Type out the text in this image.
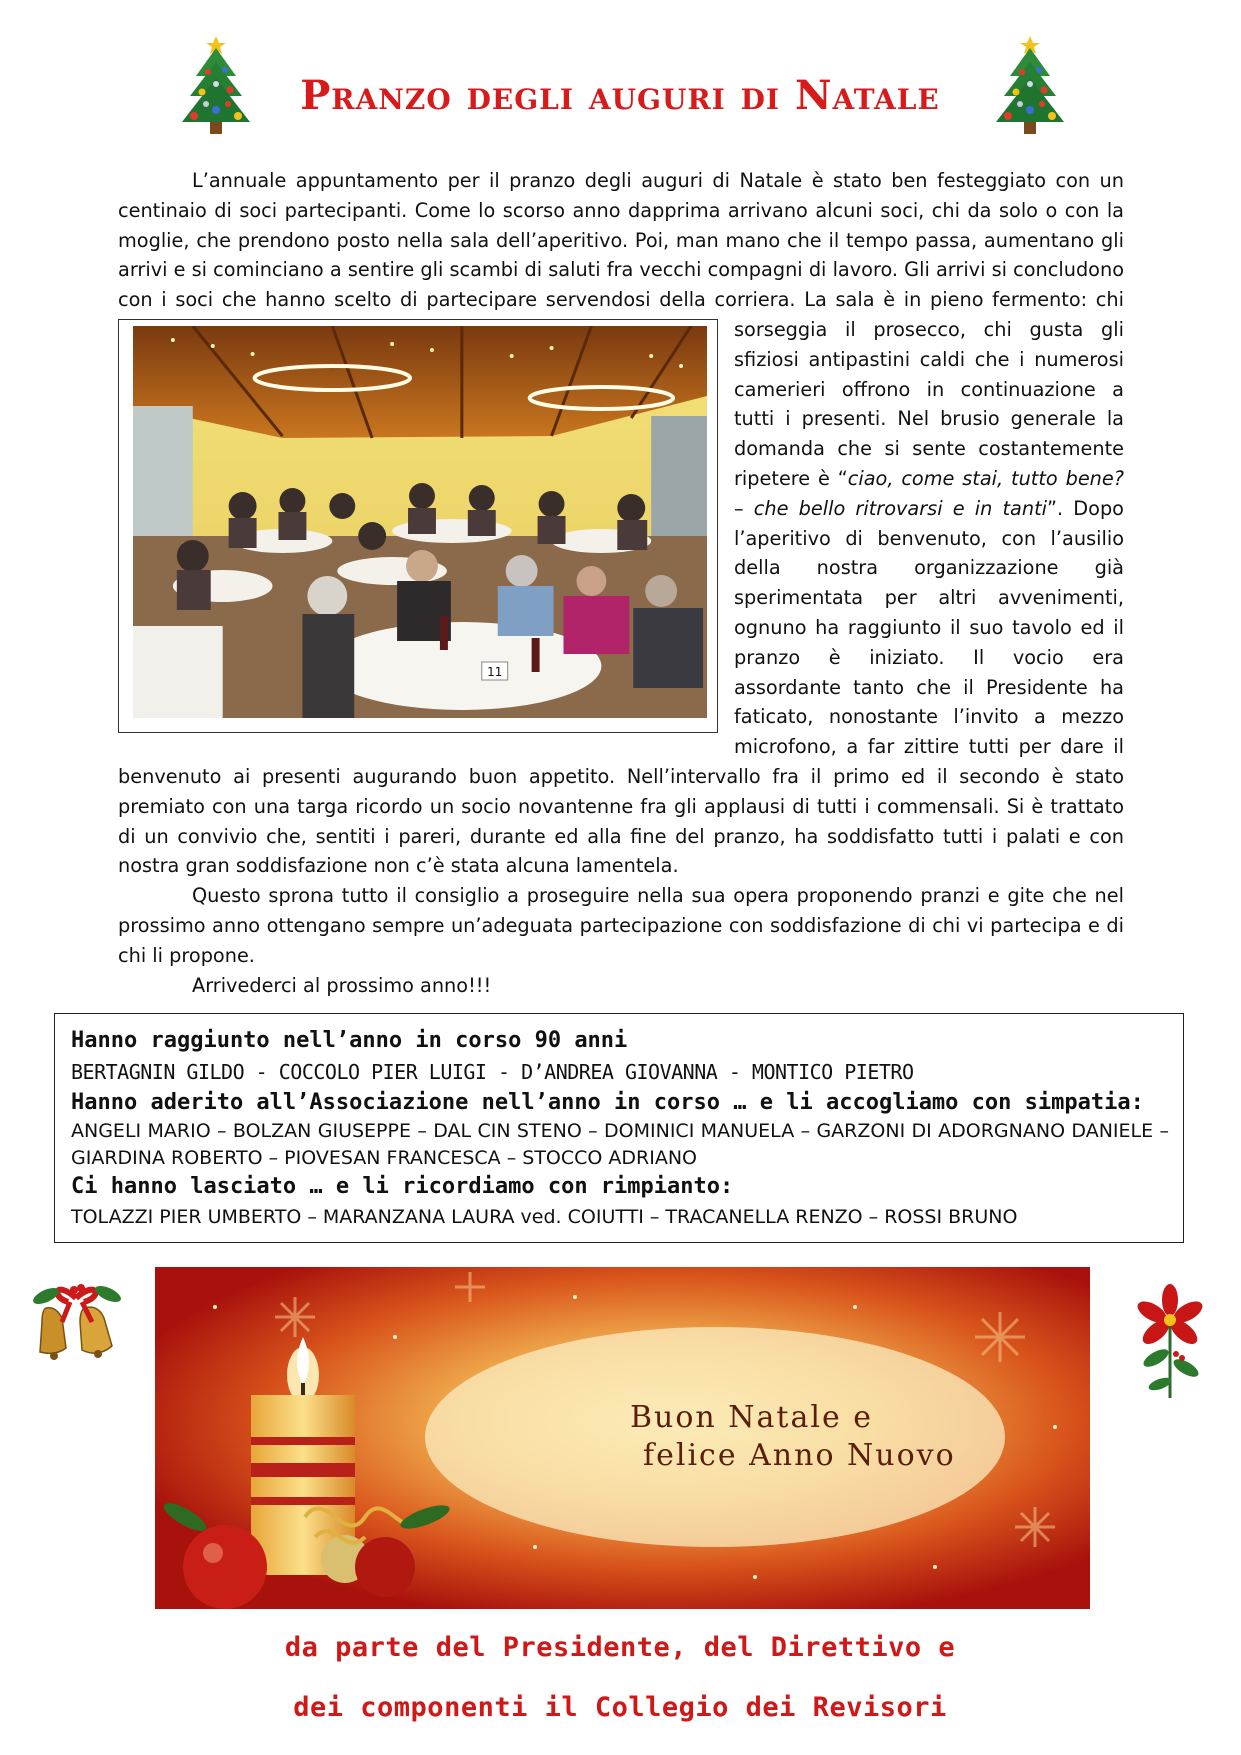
Pranzo degli auguri di Natale

L’annuale appuntamento per il pranzo degli auguri di Natale è stato ben festeggiato con un centinaio di soci partecipanti. Come lo scorso anno dapprima arrivano alcuni soci, chi da solo o con la moglie, che prendono posto nella sala dell’aperitivo. Poi, man mano che il tempo passa, aumentano gli arrivi e si cominciano a sentire gli scambi di saluti fra vecchi compagni di lavoro. Gli arrivi si concludono con i soci che hanno scelto di partecipare servendosi della corriera. La sala è in
11
pieno fermento: chi sorseggia il prosecco, chi gusta gli sfiziosi antipastini caldi che i numerosi camerieri offrono in continuazione a tutti i presenti. Nel brusio generale la domanda che si sente costantemente ripetere è “ciao, come stai, tutto bene? – che bello ritrovarsi e in tanti”. Dopo l’aperitivo di benvenuto, con l’ausilio della nostra organizzazione già sperimentata per altri avvenimenti, ognuno ha raggiunto il suo tavolo ed il pranzo è iniziato. Il vocio era assordante tanto che il Presidente ha faticato, nonostante l’invito a mezzo microfono, a far zittire tutti per dare il benvenuto ai presenti augurando buon appetito. Nell’intervallo fra il primo ed il secondo è stato premiato con una targa ricordo un socio novantenne fra gli applausi di tutti i commensali. Si è trattato di un convivio che, sentiti i pareri, durante ed alla fine del pranzo, ha soddisfatto tutti i palati e con nostra gran soddisfazione non c’è stata alcuna lamentela.

Questo sprona tutto il consiglio a proseguire nella sua opera proponendo pranzi e gite che nel prossimo anno ottengano sempre un’adeguata partecipazione con soddisfazione di chi vi partecipa e di chi li propone.

Arrivederci al prossimo anno!!!

Hanno raggiunto nell’anno in corso 90 anni

BERTAGNIN GILDO - COCCOLO PIER LUIGI - D’ANDREA GIOVANNA - MONTICO PIETRO

Hanno aderito all’Associazione nell’anno in corso … e li accogliamo con simpatia:

ANGELI MARIO – BOLZAN GIUSEPPE – DAL CIN STENO – DOMINICI MANUELA – GARZONI DI ADORGNANO DANIELE – GIARDINA ROBERTO – PIOVESAN FRANCESCA – STOCCO ADRIANO

Ci hanno lasciato … e li ricordiamo con rimpianto:

TOLAZZI PIER UMBERTO – MARANZANA LAURA ved. COIUTTI – TRACANELLA RENZO – ROSSI BRUNO

Buon Natale e
felice Anno Nuovo

da parte del Presidente, del Direttivo e

dei componenti il Collegio dei Revisori
